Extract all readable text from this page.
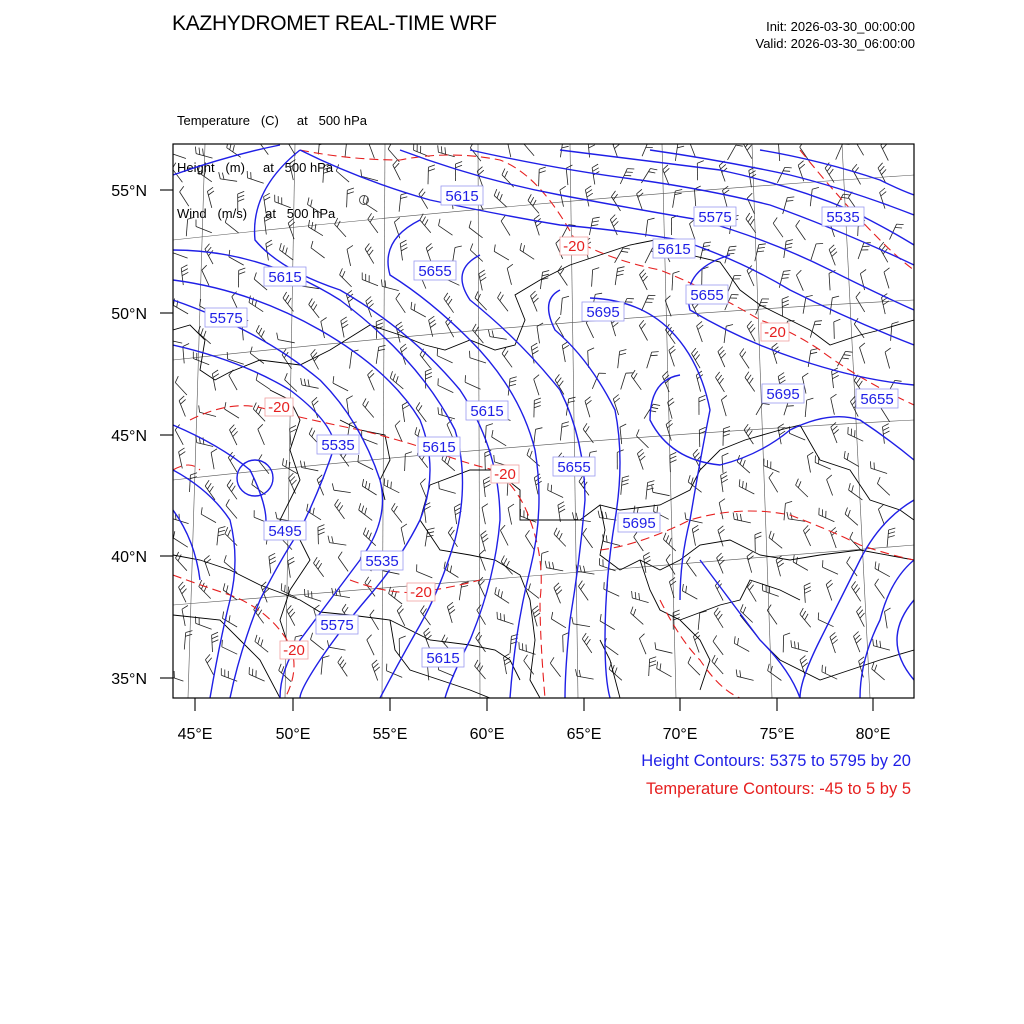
KAZHYDROMET REAL-TIME WRF	Init: 2026-03-30_00:00:00
Valid: 2026-03-30_06:00:00

Temperature   (C)     at   500 hPa

Height   (m)     at   500 hPa

Wind   (m/s)     at   500 hPa

5615
5575	5535
5615	5655
5615
5575	5695
5655
5615
5695	5655
5615
5535
5655
5695
5495
5535
5575
5615
-20
-20
-20
-20
-20
-20
55°N
50°N
45°N
40°N
35°N
45°E	50°E	55°E	60°E	65°E	70°E	75°E	80°E
Height Contours: 5375 to 5795 by 20
Temperature Contours: -45 to 5 by 5
